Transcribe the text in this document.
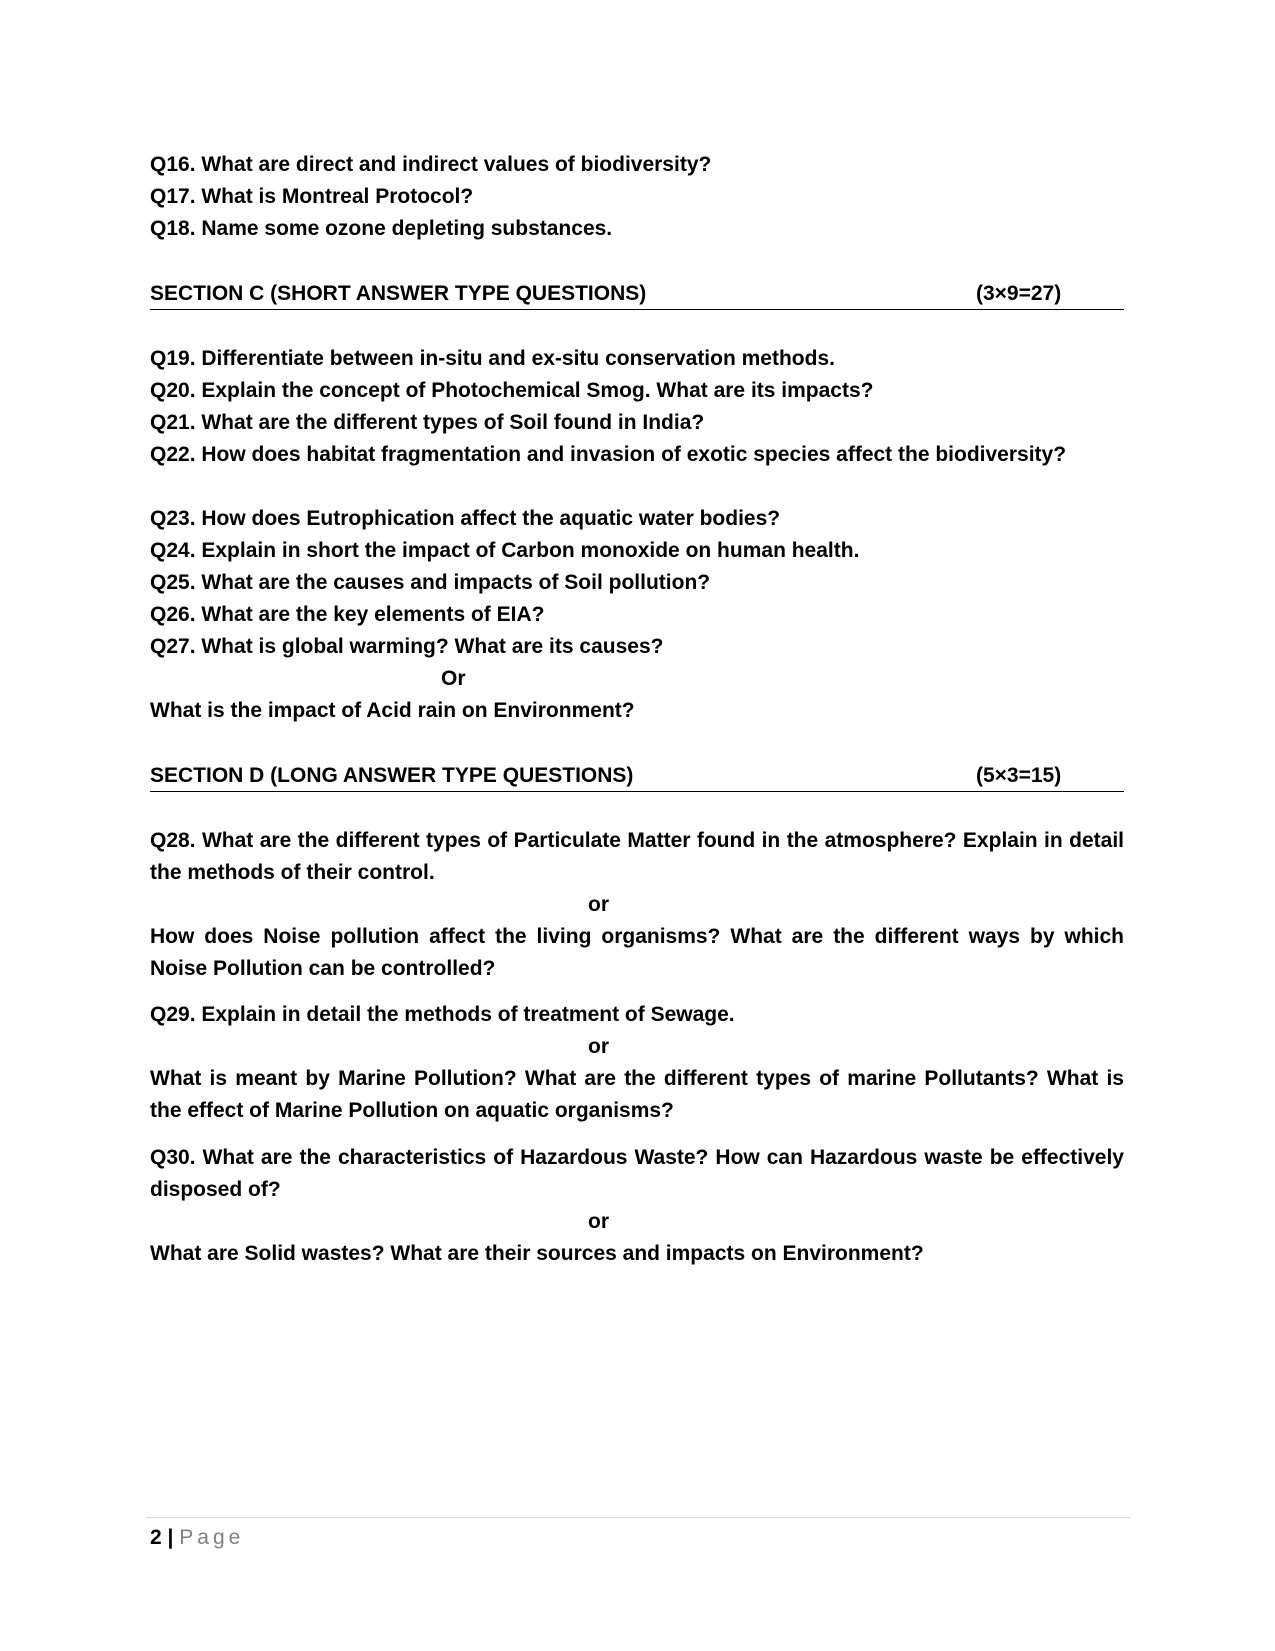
Q16. What are direct and indirect values of biodiversity?
Q17. What is Montreal Protocol?
Q18. Name some ozone depleting substances.
SECTION C (SHORT ANSWER TYPE QUESTIONS)	(3×9=27)
Q19. Differentiate between in-situ and ex-situ conservation methods.
Q20. Explain the concept of Photochemical Smog. What are its impacts?
Q21. What are the different types of Soil found in India?
Q22. How does habitat fragmentation and invasion of exotic species affect the biodiversity?
Q23. How does Eutrophication affect the aquatic water bodies?
Q24. Explain in short the impact of Carbon monoxide on human health.
Q25. What are the causes and impacts of Soil pollution?
Q26. What are the key elements of EIA?
Q27. What is global warming? What are its causes?
Or
What is the impact of Acid rain on Environment?
SECTION D (LONG ANSWER TYPE QUESTIONS)	(5×3=15)
Q28. What are the different types of Particulate Matter found in the atmosphere? Explain in detail the methods of their control.
or
How does Noise pollution affect the living organisms? What are the different ways by which Noise Pollution can be controlled?
Q29. Explain in detail the methods of treatment of Sewage.
or
What is meant by Marine Pollution? What are the different types of marine Pollutants? What is the effect of Marine Pollution on aquatic organisms?
Q30. What are the characteristics of Hazardous Waste? How can Hazardous waste be effectively disposed of?
or
What are Solid wastes? What are their sources and impacts on Environment?
2 | Page
